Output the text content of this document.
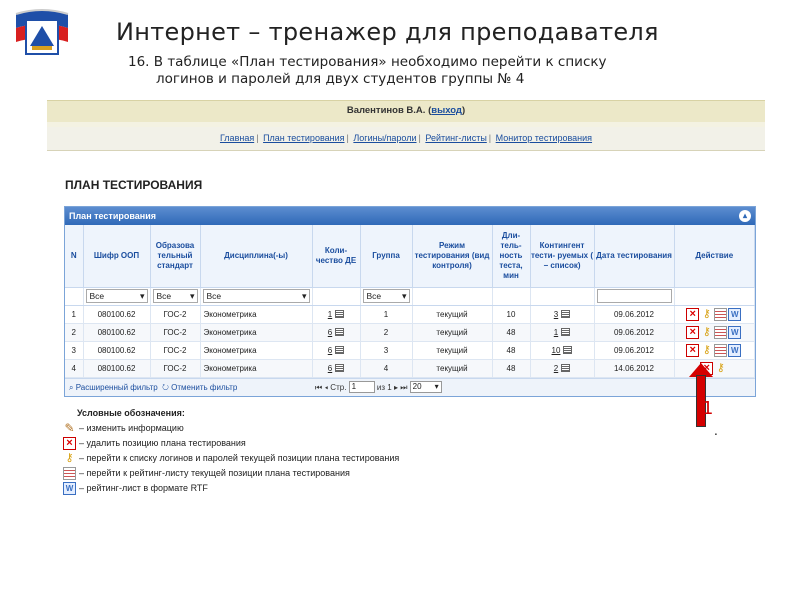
Интернет – тренажер для преподавателя
16. В таблице «План тестирования» необходимо перейти к списку
логинов и паролей для двух студентов группы № 4
Валентинов В.А. (выход)
Главная | План тестирования | Логины/пароли | Рейтинг-листы | Монитор тестирования
ПЛАН ТЕСТИРОВАНИЯ
План тестирования	▴
N	Шифр ООП	Образова тельный стандарт	Дисциплина(-ы)	Коли- чество ДЕ	Группа	Режим тестирования (вид контроля)	Дли- тель- ность теста, мин	Контингент тести- руемых ( − список)	Дата тестирования	Действие

	Все ▾	Все ▾	Все ▾		Все ▾

1	080100.62	ГОС-2	Эконометрика	1	1	текущий	10	3	09.06.2012	× ⚷ W
2	080100.62	ГОС-2	Эконометрика	6	2	текущий	48	1	09.06.2012	× ⚷ W
3	080100.62	ГОС-2	Эконометрика	6	3	текущий	48	10	09.06.2012	× ⚷ W
4	080100.62	ГОС-2	Эконометрика	6	4	текущий	48	2	14.06.2012	× ⚷
⌕ Расширенный фильтр ↻ Отменить фильтр	⏮ ◂ Стр. 1	из 1 ▸ ⏭ 20 ▾
Условные обозначения:
✎ – изменить информацию
× – удалить позицию плана тестирования
⚷ – перейти к списку логинов и паролей текущей позиции плана тестирования
– перейти к рейтинг-листу текущей позиции плана тестирования
W – рейтинг-лист в формате RTF
1
.
